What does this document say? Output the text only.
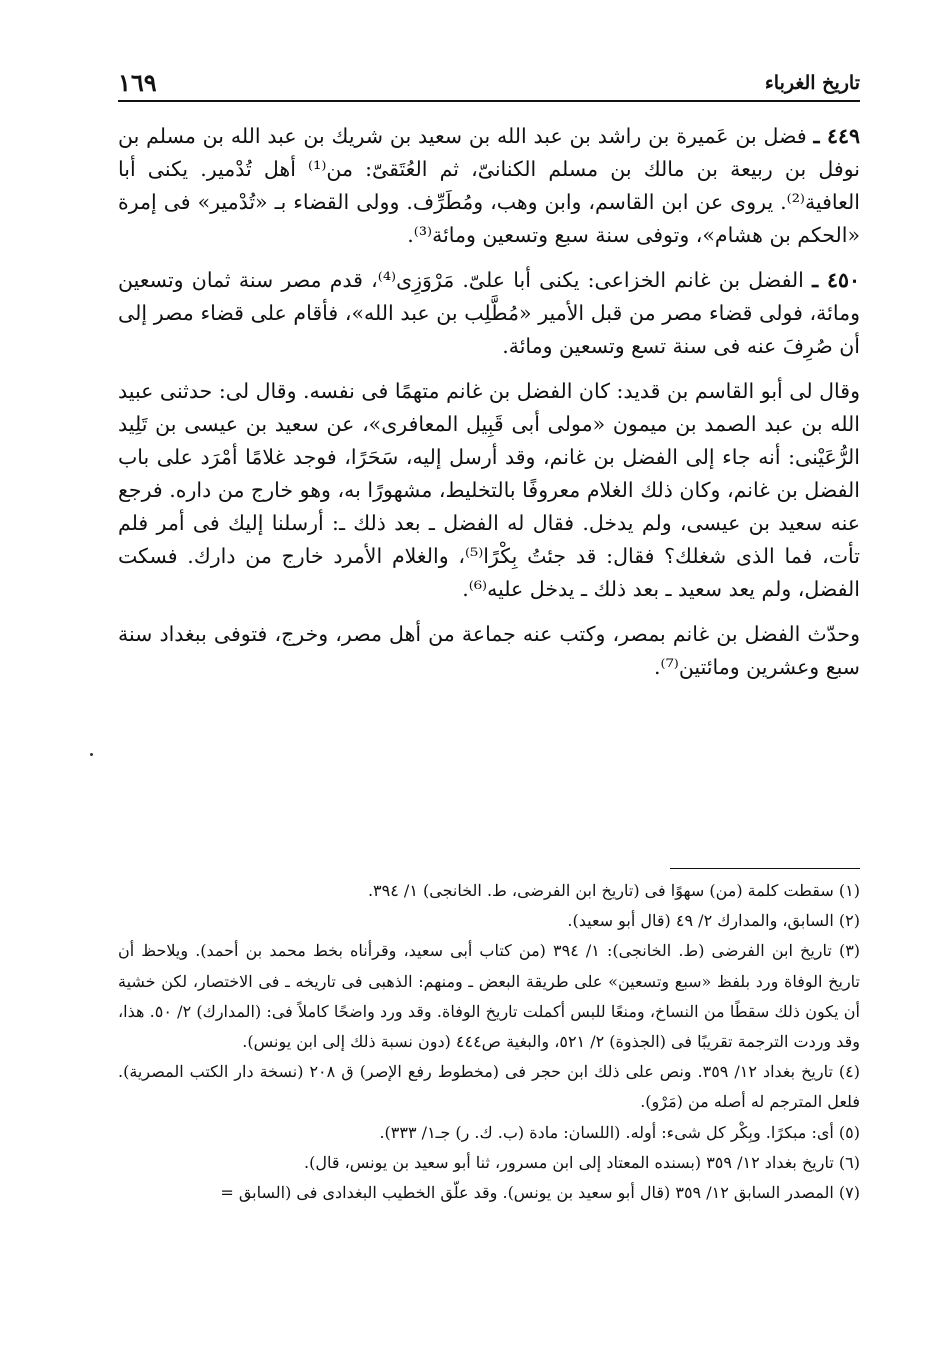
تاريخ الغرباء
١٦٩

٤٤٩ ـ فضل بن عَميرة بن راشد بن عبد الله بن سعيد بن شريك بن عبد الله بن مسلم بن نوفل بن ربيعة بن مالك بن مسلم الكنانىّ، ثم العُتَقىّ: من⁽¹⁾ أهل تُدْمير. يكنى أبا العافية⁽²⁾. يروى عن ابن القاسم، وابن وهب، ومُطَرِّف. وولى القضاء بـ «تُدْمير» فى إمرة «الحكم بن هشام»، وتوفى سنة سبع وتسعين ومائة⁽³⁾.

٤٥٠ ـ الفضل بن غانم الخزاعى: يكنى أبا علىّ. مَرْوَزِى⁽⁴⁾، قدم مصر سنة ثمان وتسعين ومائة، فولى قضاء مصر من قبل الأمير «مُطَّلِب بن عبد الله»، فأقام على قضاء مصر إلى أن صُرِفَ عنه فى سنة تسع وتسعين ومائة.

وقال لى أبو القاسم بن قديد: كان الفضل بن غانم متهمًا فى نفسه. وقال لى: حدثنى عبيد الله بن عبد الصمد بن ميمون «مولى أبى قَبِيل المعافرى»، عن سعيد بن عيسى بن تَلِيد الرُّعَيْنى: أنه جاء إلى الفضل بن غانم، وقد أرسل إليه، سَحَرًا، فوجد غلامًا أمْرَد على باب الفضل بن غانم، وكان ذلك الغلام معروفًا بالتخليط، مشهورًا به، وهو خارج من داره. فرجع عنه سعيد بن عيسى، ولم يدخل. فقال له الفضل ـ بعد ذلك ـ: أرسلنا إليك فى أمر فلم تأت، فما الذى شغلك؟ فقال: قد جئتُ بِكْرًا⁽⁵⁾، والغلام الأمرد خارج من دارك. فسكت الفضل، ولم يعد سعيد ـ بعد ذلك ـ يدخل عليه⁽⁶⁾.

وحدّث الفضل بن غانم بمصر، وكتب عنه جماعة من أهل مصر، وخرج، فتوفى ببغداد سنة سبع وعشرين ومائتين⁽⁷⁾.

(١) سقطت كلمة (من) سهوًا فى (تاريخ ابن الفرضى، ط. الخانجى) ١/ ٣٩٤.

(٢) السابق، والمدارك ٢/ ٤٩ (قال أبو سعيد).

(٣) تاريخ ابن الفرضى (ط. الخانجى): ١/ ٣٩٤ (من كتاب أبى سعيد، وقرأناه بخط محمد بن أحمد). ويلاحظ أن تاريخ الوفاة ورد بلفظ «سبع وتسعين» على طريقة البعض ـ ومنهم: الذهبى فى تاريخه ـ فى الاختصار، لكن خشية أن يكون ذلك سقطًا من النساخ، ومنعًا للبس أكملت تاريخ الوفاة. وقد ورد واضحًا كاملاً فى: (المدارك) ٢/ ٥٠. هذا، وقد وردت الترجمة تقريبًا فى (الجذوة) ٢/ ٥٢١، والبغية ص٤٤٤ (دون نسبة ذلك إلى ابن يونس).

(٤) تاريخ بغداد ١٢/ ٣٥٩. ونص على ذلك ابن حجر فى (مخطوط رفع الإصر) ق ٢٠٨ (نسخة دار الكتب المصرية). فلعل المترجم له أصله من (مَرْو).

(٥) أى: مبكرًا. وبِكْر كل شىء: أوله. (اللسان: مادة (ب. ك. ر) جـ١/ ٣٣٣).

(٦) تاريخ بغداد ١٢/ ٣٥٩ (بسنده المعتاد إلى ابن مسرور، ثنا أبو سعيد بن يونس، قال).

(٧) المصدر السابق ١٢/ ٣٥٩ (قال أبو سعيد بن يونس). وقد علّق الخطيب البغدادى فى (السابق =
